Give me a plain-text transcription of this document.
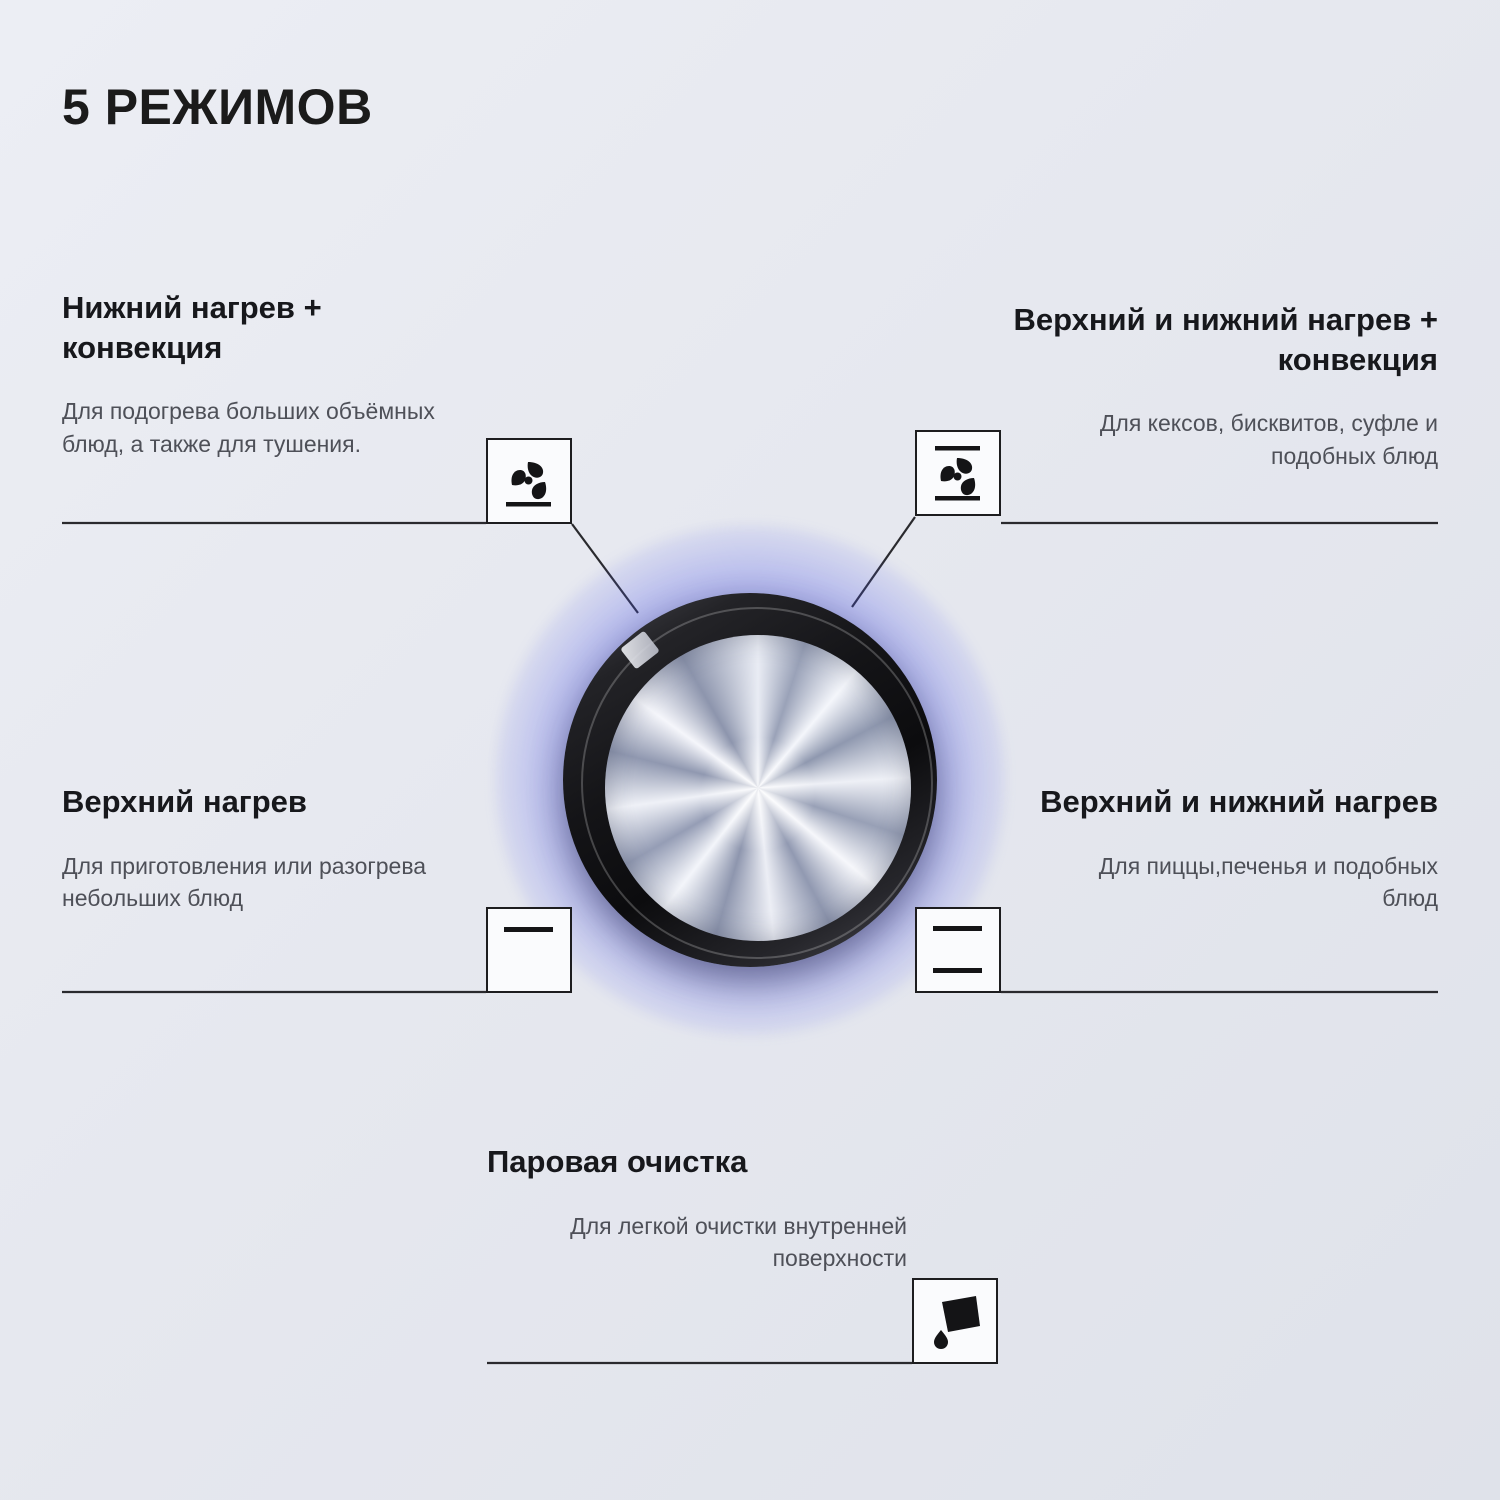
5 РЕЖИМОВ
Нижний нагрев + конвекция
Для подогрева больших объёмных блюд, а также для тушения.
Верхний и нижний нагрев + конвекция
Для кексов, бисквитов, суфле и подобных блюд
Верхний нагрев
Для приготовления или разогрева небольших блюд
Верхний и нижний нагрев
Для пиццы,печенья и подобных блюд
Паровая очистка
Для легкой очистки внутренней поверхности
